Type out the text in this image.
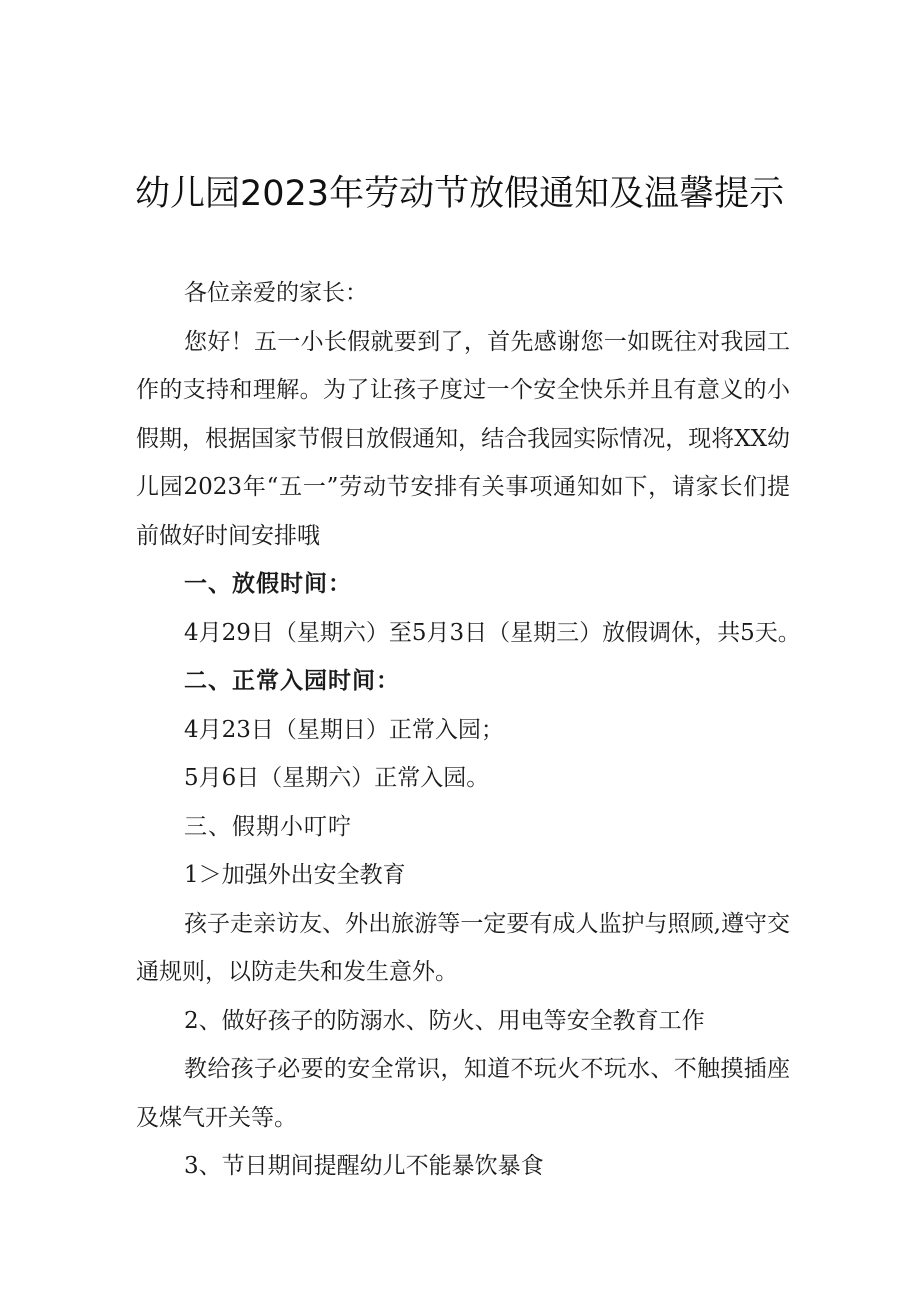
幼儿园2023年劳动节放假通知及温馨提示

各位亲爱的家长：

您好！五一小长假就要到了，首先感谢您一如既往对我园工作的支持和理解。为了让孩子度过一个安全快乐并且有意义的小假期，根据国家节假日放假通知，结合我园实际情况，现将XX幼儿园2023年“五一”劳动节安排有关事项通知如下，请家长们提前做好时间安排哦

一、放假时间：

4月29日（星期六）至5月3日（星期三）放假调休，共5天。

二、正常入园时间：

4月23日（星期日）正常入园；

5月6日（星期六）正常入园。

三、假期小叮咛

1＞加强外出安全教育

孩子走亲访友、外出旅游等一定要有成人监护与照顾,遵守交通规则，以防走失和发生意外。

2、做好孩子的防溺水、防火、用电等安全教育工作

教给孩子必要的安全常识，知道不玩火不玩水、不触摸插座及煤气开关等。

3、节日期间提醒幼儿不能暴饮暴食
